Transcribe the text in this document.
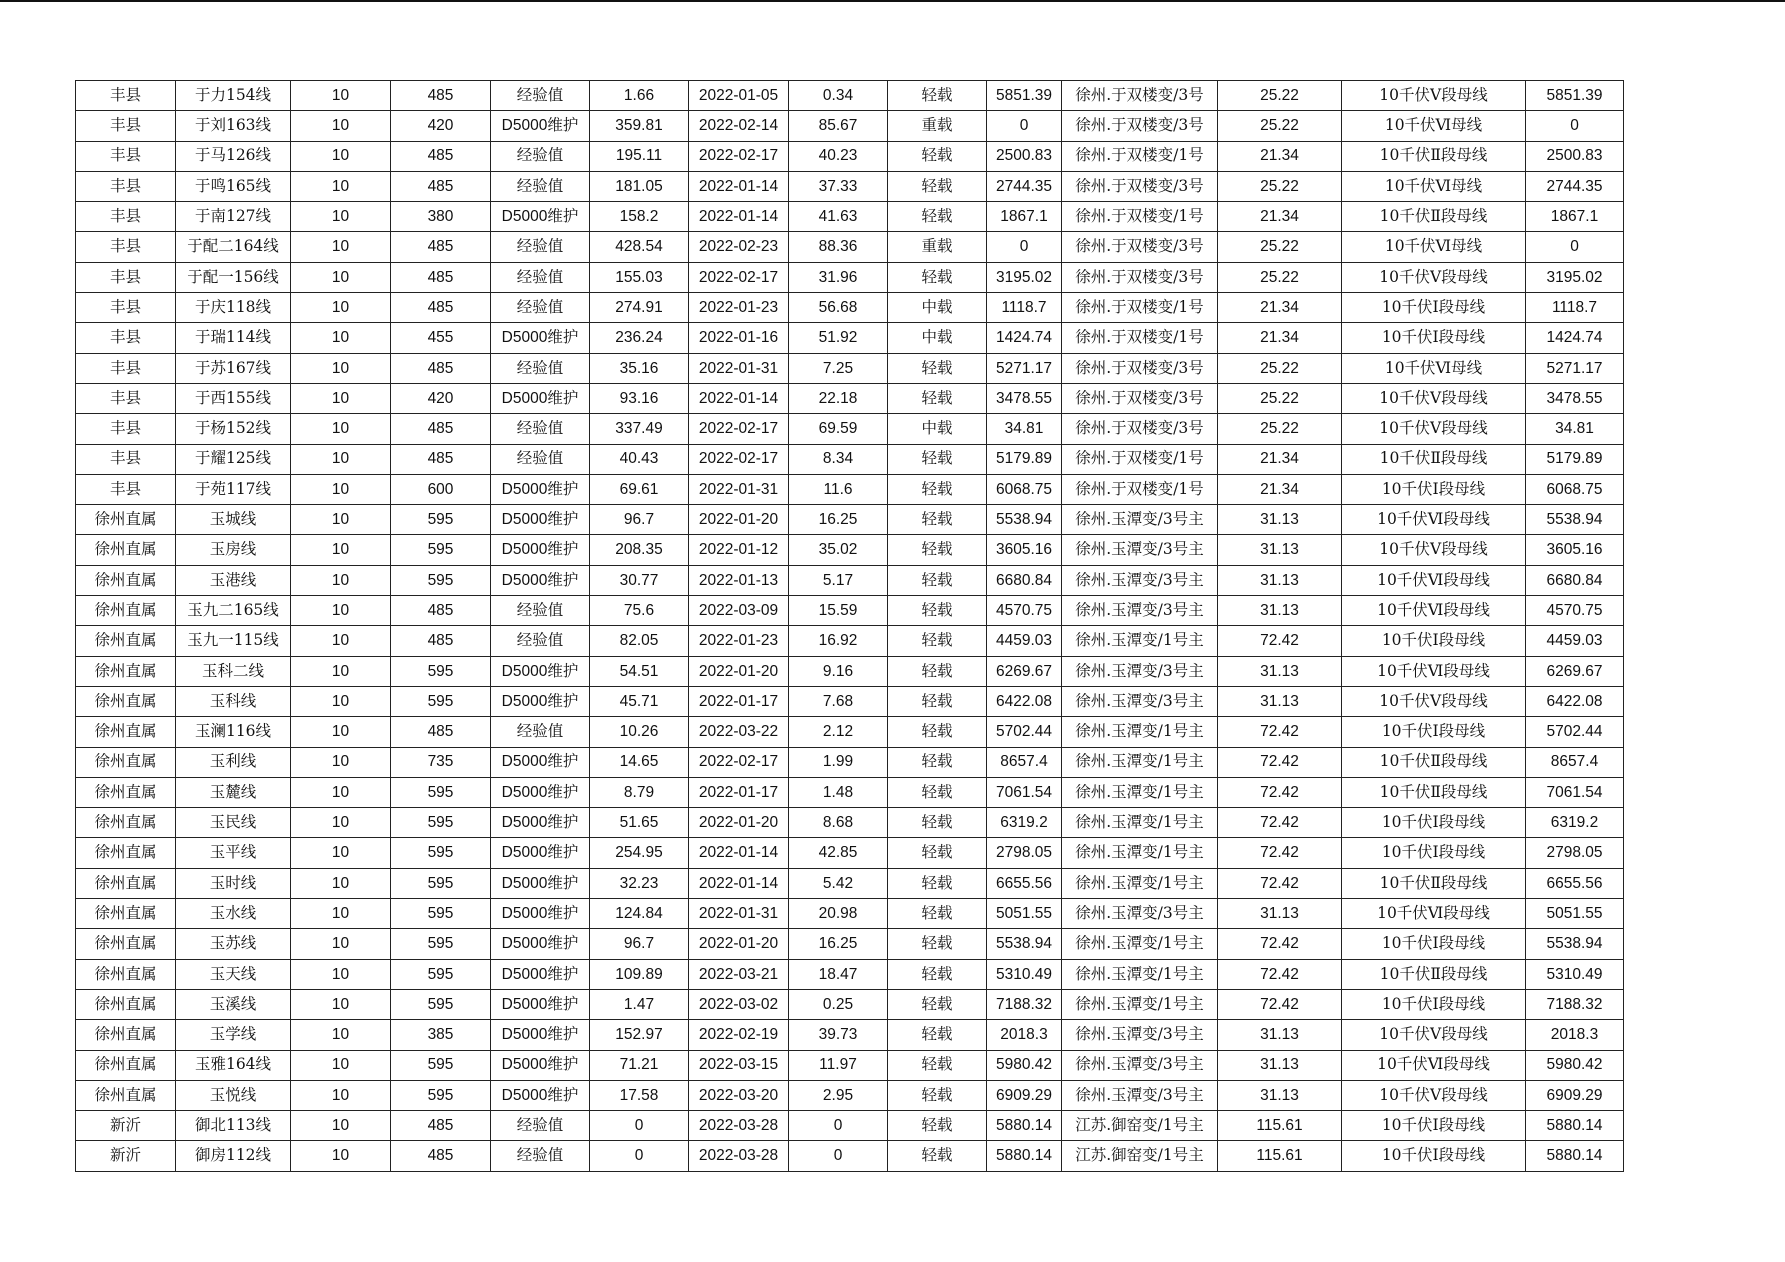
丰县	于力154线	10	485	经验值	1.66	2022-01-05	0.34	轻载	5851.39	徐州.于双楼变/3号	25.22	10千伏Ⅴ段母线	5851.39
丰县	于刘163线	10	420	D5000维护	359.81	2022-02-14	85.67	重载	0	徐州.于双楼变/3号	25.22	10千伏Ⅵ母线	0
丰县	于马126线	10	485	经验值	195.11	2022-02-17	40.23	轻载	2500.83	徐州.于双楼变/1号	21.34	10千伏Ⅱ段母线	2500.83
丰县	于鸣165线	10	485	经验值	181.05	2022-01-14	37.33	轻载	2744.35	徐州.于双楼变/3号	25.22	10千伏Ⅵ母线	2744.35
丰县	于南127线	10	380	D5000维护	158.2	2022-01-14	41.63	轻载	1867.1	徐州.于双楼变/1号	21.34	10千伏Ⅱ段母线	1867.1
丰县	于配二164线	10	485	经验值	428.54	2022-02-23	88.36	重载	0	徐州.于双楼变/3号	25.22	10千伏Ⅵ母线	0
丰县	于配一156线	10	485	经验值	155.03	2022-02-17	31.96	轻载	3195.02	徐州.于双楼变/3号	25.22	10千伏Ⅴ段母线	3195.02
丰县	于庆118线	10	485	经验值	274.91	2022-01-23	56.68	中载	1118.7	徐州.于双楼变/1号	21.34	10千伏Ⅰ段母线	1118.7
丰县	于瑞114线	10	455	D5000维护	236.24	2022-01-16	51.92	中载	1424.74	徐州.于双楼变/1号	21.34	10千伏Ⅰ段母线	1424.74
丰县	于苏167线	10	485	经验值	35.16	2022-01-31	7.25	轻载	5271.17	徐州.于双楼变/3号	25.22	10千伏Ⅵ母线	5271.17
丰县	于西155线	10	420	D5000维护	93.16	2022-01-14	22.18	轻载	3478.55	徐州.于双楼变/3号	25.22	10千伏Ⅴ段母线	3478.55
丰县	于杨152线	10	485	经验值	337.49	2022-02-17	69.59	中载	34.81	徐州.于双楼变/3号	25.22	10千伏Ⅴ段母线	34.81
丰县	于耀125线	10	485	经验值	40.43	2022-02-17	8.34	轻载	5179.89	徐州.于双楼变/1号	21.34	10千伏Ⅱ段母线	5179.89
丰县	于苑117线	10	600	D5000维护	69.61	2022-01-31	11.6	轻载	6068.75	徐州.于双楼变/1号	21.34	10千伏Ⅰ段母线	6068.75
徐州直属	玉城线	10	595	D5000维护	96.7	2022-01-20	16.25	轻载	5538.94	徐州.玉潭变/3号主	31.13	10千伏Ⅵ段母线	5538.94
徐州直属	玉房线	10	595	D5000维护	208.35	2022-01-12	35.02	轻载	3605.16	徐州.玉潭变/3号主	31.13	10千伏Ⅴ段母线	3605.16
徐州直属	玉港线	10	595	D5000维护	30.77	2022-01-13	5.17	轻载	6680.84	徐州.玉潭变/3号主	31.13	10千伏Ⅵ段母线	6680.84
徐州直属	玉九二165线	10	485	经验值	75.6	2022-03-09	15.59	轻载	4570.75	徐州.玉潭变/3号主	31.13	10千伏Ⅵ段母线	4570.75
徐州直属	玉九一115线	10	485	经验值	82.05	2022-01-23	16.92	轻载	4459.03	徐州.玉潭变/1号主	72.42	10千伏Ⅰ段母线	4459.03
徐州直属	玉科二线	10	595	D5000维护	54.51	2022-01-20	9.16	轻载	6269.67	徐州.玉潭变/3号主	31.13	10千伏Ⅵ段母线	6269.67
徐州直属	玉科线	10	595	D5000维护	45.71	2022-01-17	7.68	轻载	6422.08	徐州.玉潭变/3号主	31.13	10千伏Ⅴ段母线	6422.08
徐州直属	玉澜116线	10	485	经验值	10.26	2022-03-22	2.12	轻载	5702.44	徐州.玉潭变/1号主	72.42	10千伏Ⅰ段母线	5702.44
徐州直属	玉利线	10	735	D5000维护	14.65	2022-02-17	1.99	轻载	8657.4	徐州.玉潭变/1号主	72.42	10千伏Ⅱ段母线	8657.4
徐州直属	玉麓线	10	595	D5000维护	8.79	2022-01-17	1.48	轻载	7061.54	徐州.玉潭变/1号主	72.42	10千伏Ⅱ段母线	7061.54
徐州直属	玉民线	10	595	D5000维护	51.65	2022-01-20	8.68	轻载	6319.2	徐州.玉潭变/1号主	72.42	10千伏Ⅰ段母线	6319.2
徐州直属	玉平线	10	595	D5000维护	254.95	2022-01-14	42.85	轻载	2798.05	徐州.玉潭变/1号主	72.42	10千伏Ⅰ段母线	2798.05
徐州直属	玉时线	10	595	D5000维护	32.23	2022-01-14	5.42	轻载	6655.56	徐州.玉潭变/1号主	72.42	10千伏Ⅱ段母线	6655.56
徐州直属	玉水线	10	595	D5000维护	124.84	2022-01-31	20.98	轻载	5051.55	徐州.玉潭变/3号主	31.13	10千伏Ⅵ段母线	5051.55
徐州直属	玉苏线	10	595	D5000维护	96.7	2022-01-20	16.25	轻载	5538.94	徐州.玉潭变/1号主	72.42	10千伏Ⅰ段母线	5538.94
徐州直属	玉天线	10	595	D5000维护	109.89	2022-03-21	18.47	轻载	5310.49	徐州.玉潭变/1号主	72.42	10千伏Ⅱ段母线	5310.49
徐州直属	玉溪线	10	595	D5000维护	1.47	2022-03-02	0.25	轻载	7188.32	徐州.玉潭变/1号主	72.42	10千伏Ⅰ段母线	7188.32
徐州直属	玉学线	10	385	D5000维护	152.97	2022-02-19	39.73	轻载	2018.3	徐州.玉潭变/3号主	31.13	10千伏Ⅴ段母线	2018.3
徐州直属	玉雅164线	10	595	D5000维护	71.21	2022-03-15	11.97	轻载	5980.42	徐州.玉潭变/3号主	31.13	10千伏Ⅵ段母线	5980.42
徐州直属	玉悦线	10	595	D5000维护	17.58	2022-03-20	2.95	轻载	6909.29	徐州.玉潭变/3号主	31.13	10千伏Ⅴ段母线	6909.29
新沂	御北113线	10	485	经验值	0	2022-03-28	0	轻载	5880.14	江苏.御窑变/1号主	115.61	10千伏Ⅰ段母线	5880.14
新沂	御房112线	10	485	经验值	0	2022-03-28	0	轻载	5880.14	江苏.御窑变/1号主	115.61	10千伏Ⅰ段母线	5880.14
